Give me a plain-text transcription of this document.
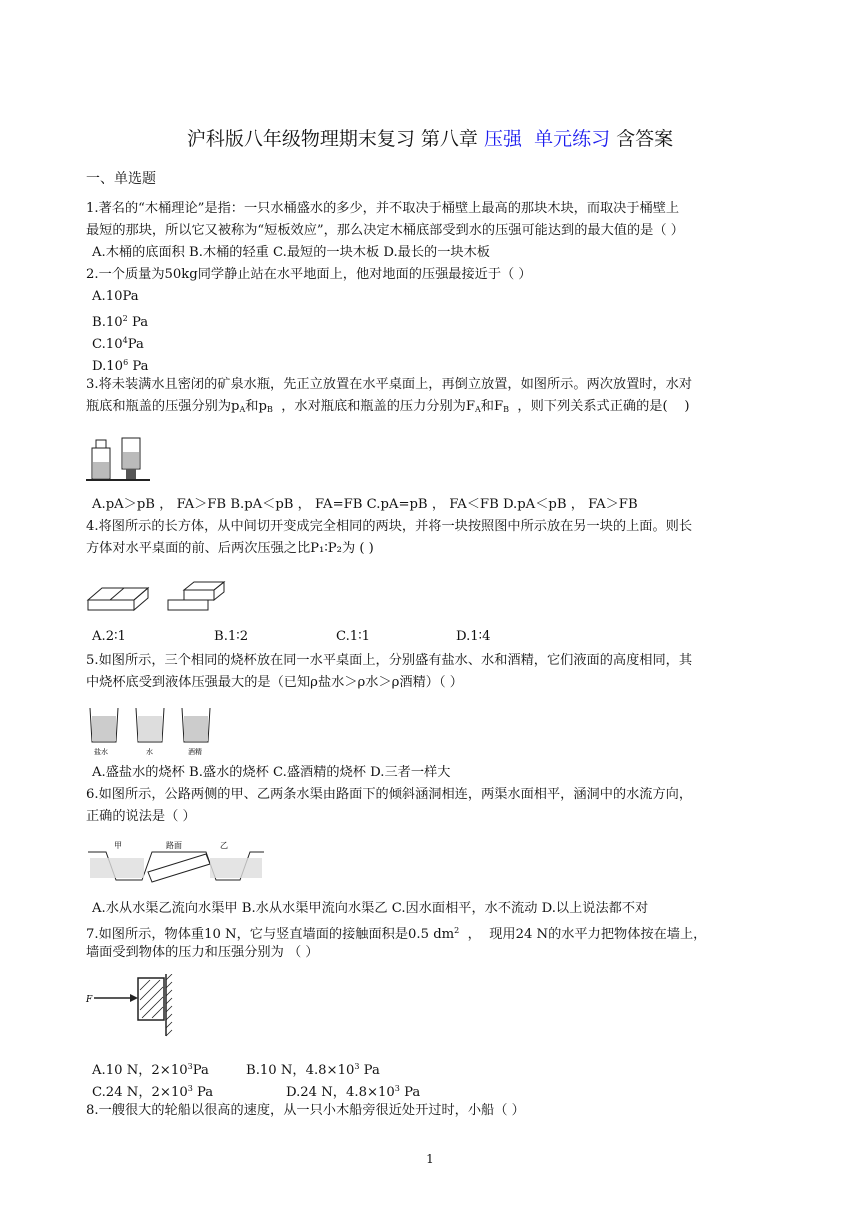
沪科版八年级物理期末复习 第八章 压强  单元练习 含答案
一、单选题
1.著名的“木桶理论”是指：一只水桶盛水的多少，并不取决于桶壁上最高的那块木块，而取决于桶壁上
最短的那块，所以它又被称为“短板效应”，那么决定木桶底部受到水的压强可能达到的最大值的是（ ）
A.木桶的底面积 B.木桶的轻重 C.最短的一块木板 D.最长的一块木板
2.一个质量为50kg同学静止站在水平地面上，他对地面的压强最接近于（ ）
A.10Pa
$B.10^2$ Pa
$C.10^4Pa$
$D.10^6$ Pa
3.将未装满水且密闭的矿泉水瓶，先正立放置在水平桌面上，再倒立放置，如图所示。两次放置时，水对
瓶底和瓶盖的压强分别为$p_A$和$p_B$  ，水对瓶底和瓶盖的压力分别为$F_A$和$F_B$  ，则下列关系式正确的是(    )
A.pA＞pB ， FA＞FB B.pA＜pB ， FA=FB C.pA=pB ， FA＜FB D.pA＜pB ， FA＞FB
4.将图所示的长方体，从中间切开变成完全相同的两块，并将一块按照图中所示放在另一块的上面。则长
方体对水平桌面的前、后两次压强之比P₁∶P₂为 ( )
A.2∶1	B.1∶2	C.1∶1	D.1∶4
5.如图所示，三个相同的烧杯放在同一水平桌面上，分别盛有盐水、水和酒精，它们液面的高度相同，其
中烧杯底受到液体压强最大的是（已知ρ盐水＞ρ水＞ρ酒精）（ ）
盐水	水	酒精
A.盛盐水的烧杯 B.盛水的烧杯 C.盛酒精的烧杯 D.三者一样大
6.如图所示，公路两侧的甲、乙两条水渠由路面下的倾斜涵洞相连，两渠水面相平，涵洞中的水流方向，
正确的说法是（ ）
甲	路面	乙
A.水从水渠乙流向水渠甲 B.水从水渠甲流向水渠乙 C.因水面相平，水不流动 D.以上说法都不对
7.如图所示，物体重10 N，它与竖直墙面的接触面积是0.5 $dm^2$  ，  现用24 N的水平力把物体按在墙上，
墙面受到物体的压力和压强分别为 （ ）
F
A.10 N，$2\times 10^3Pa$	B.10 N，$4.8\times 10^3$ Pa
C.24 N，$2\times 10^3$ Pa	D.24 N，$4.8\times 10^3$ Pa
8.一艘很大的轮船以很高的速度，从一只小木船旁很近处开过时，小船（ ）
1
